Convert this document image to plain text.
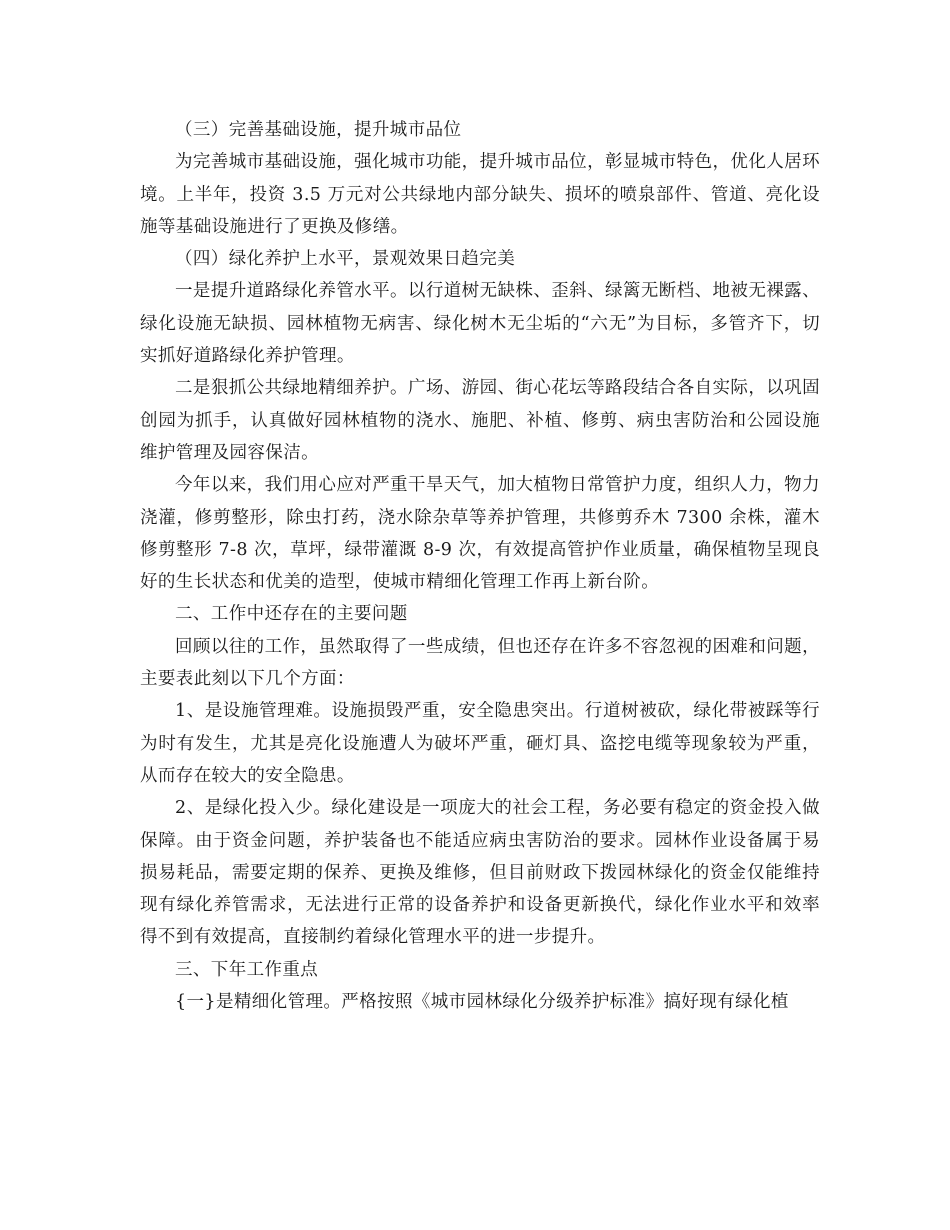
（三）完善基础设施，提升城市品位

为完善城市基础设施，强化城市功能，提升城市品位，彰显城市特色，优化人居环境。上半年，投资 3.5 万元对公共绿地内部分缺失、损坏的喷泉部件、管道、亮化设施等基础设施进行了更换及修缮。

（四）绿化养护上水平，景观效果日趋完美

一是提升道路绿化养管水平。以行道树无缺株、歪斜、绿篱无断档、地被无裸露、绿化设施无缺损、园林植物无病害、绿化树木无尘垢的“六无”为目标，多管齐下，切实抓好道路绿化养护管理。

二是狠抓公共绿地精细养护。广场、游园、街心花坛等路段结合各自实际，以巩固创园为抓手，认真做好园林植物的浇水、施肥、补植、修剪、病虫害防治和公园设施维护管理及园容保洁。

今年以来，我们用心应对严重干旱天气，加大植物日常管护力度，组织人力，物力浇灌，修剪整形，除虫打药，浇水除杂草等养护管理，共修剪乔木 7300 余株，灌木修剪整形 7-8 次，草坪，绿带灌溉 8-9 次，有效提高管护作业质量，确保植物呈现良好的生长状态和优美的造型，使城市精细化管理工作再上新台阶。

二、工作中还存在的主要问题

回顾以往的工作，虽然取得了一些成绩，但也还存在许多不容忽视的困难和问题，主要表此刻以下几个方面：

1、是设施管理难。设施损毁严重，安全隐患突出。行道树被砍，绿化带被踩等行为时有发生，尤其是亮化设施遭人为破坏严重，砸灯具、盗挖电缆等现象较为严重，从而存在较大的安全隐患。

2、是绿化投入少。绿化建设是一项庞大的社会工程，务必要有稳定的资金投入做保障。由于资金问题，养护装备也不能适应病虫害防治的要求。园林作业设备属于易损易耗品，需要定期的保养、更换及维修，但目前财政下拨园林绿化的资金仅能维持现有绿化养管需求，无法进行正常的设备养护和设备更新换代，绿化作业水平和效率得不到有效提高，直接制约着绿化管理水平的进一步提升。

三、下年工作重点

{一}是精细化管理。严格按照《城市园林绿化分级养护标准》搞好现有绿化植
